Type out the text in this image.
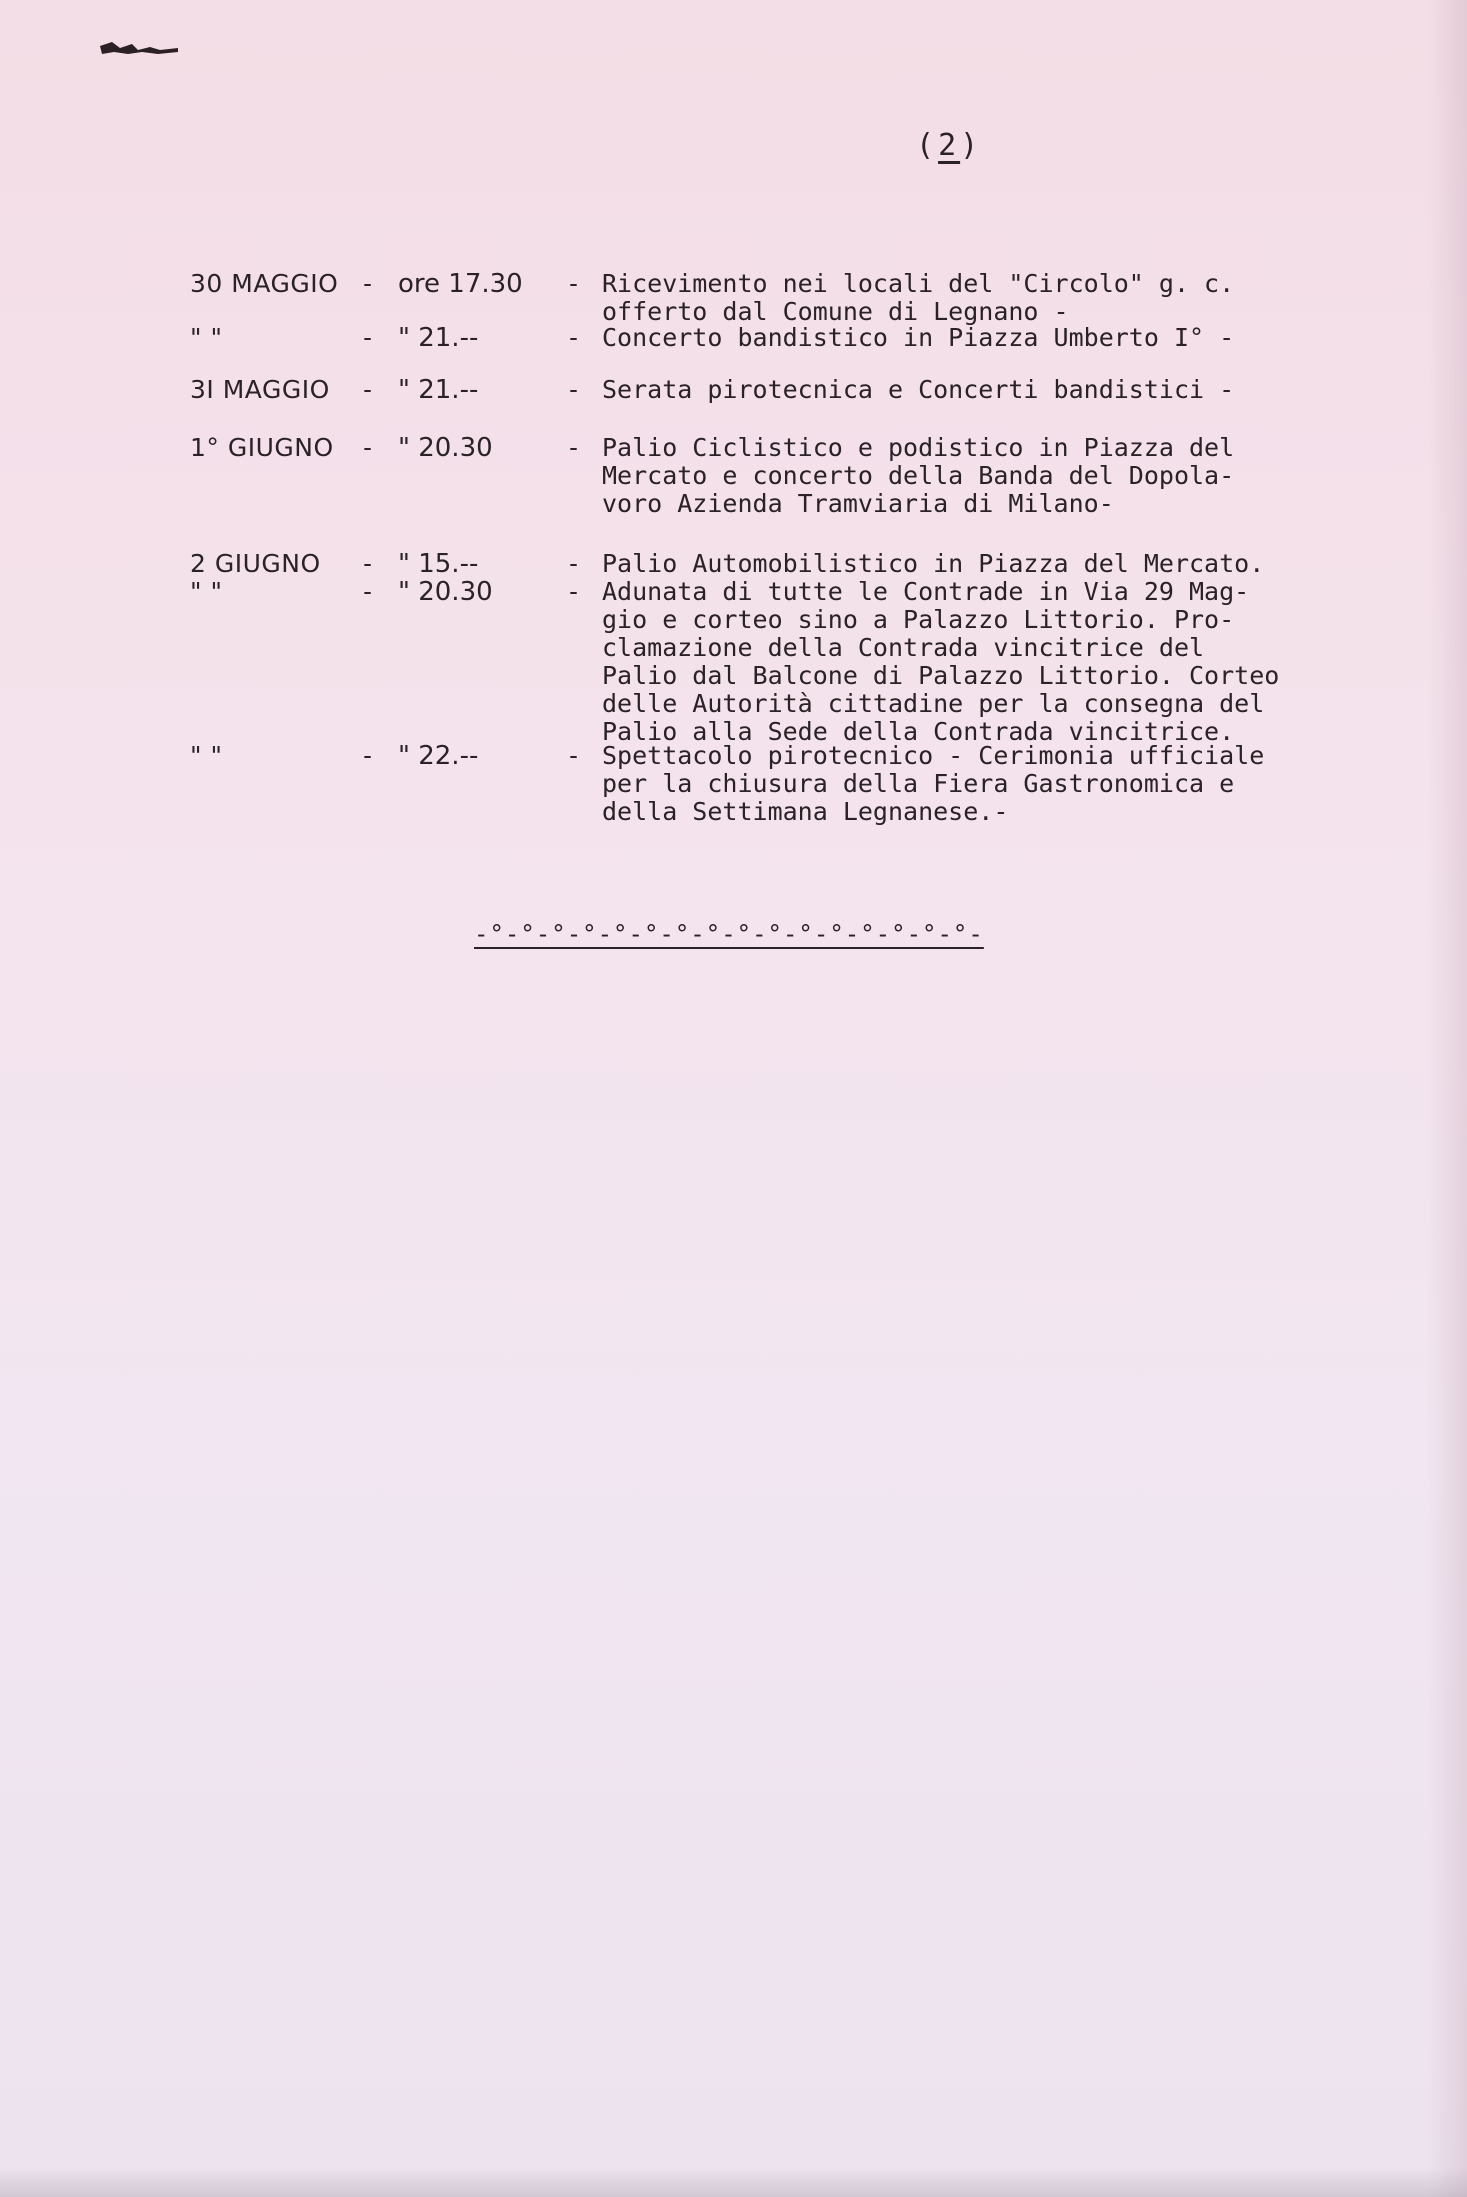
(2)
30 MAGGIO - ore 17.30	- Ricevimento nei locali del "Circolo" g. c.
offerto dal Comune di Legnano -
" "	- " 21.--	- Concerto bandistico in Piazza Umberto I° -
3I MAGGIO	- " 21.--	- Serata pirotecnica e Concerti bandistici -
1° GIUGNO	- " 20.30	- Palio Ciclistico e podistico in Piazza del
Mercato e concerto della Banda del Dopola-
voro Azienda Tramviaria di Milano-
2 GIUGNO	- " 15.--	- Palio Automobilistico in Piazza del Mercato.
" "	- " 20.30	- Adunata di tutte le Contrade in Via 29 Mag-
gio e corteo sino a Palazzo Littorio. Pro-
clamazione della Contrada vincitrice del
Palio dal Balcone di Palazzo Littorio. Corteo
delle Autorità cittadine per la consegna del
Palio alla Sede della Contrada vincitrice.
" "	- " 22.--	- Spettacolo pirotecnico - Cerimonia ufficiale
per la chiusura della Fiera Gastronomica e
della Settimana Legnanese.-
-°-°-°-°-°-°-°-°-°-°-°-°-°-°-°-°-
